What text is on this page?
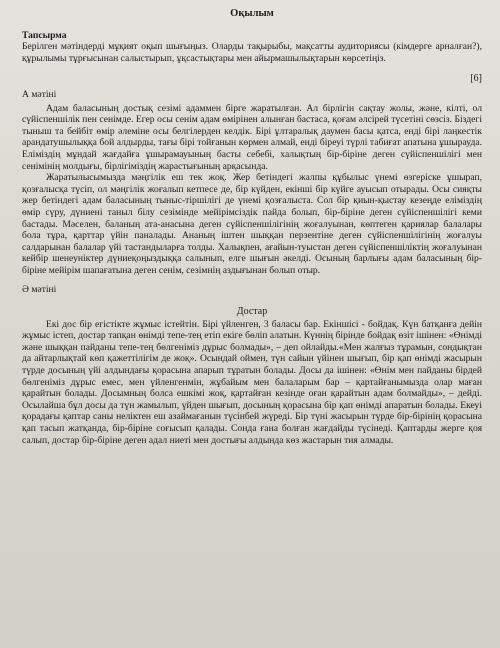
Оқылым
Тапсырма

Берілген мәтіндерді мұқият оқып шығыңыз. Оларды тақырыбы, мақсатты аудиториясы (кімдерге арналған?), құрылымы тұрғысынан салыстырып, ұқсастықтары мен айырмашылықтарын көрсетіңіз.

[6]
А мәтіні

Адам баласының достық сезімі адаммен бірге жаратылған. Ал бірлігін сақтау жолы, және, кілті, ол сүйіспеншілік пен сенімде. Егер осы сенім адам өмірінен алынған бастаса, қоғам әлсірей түсетіні сөзсіз. Біздегі тыныш та бейбіт өмір әлеміне осы белгілерден келдік. Бірі ұлтаралық даумен басы қатса, енді бірі лаңкестік арандатушылыққа бой алдырды, тағы бірі тойғанын көрмен алмай, енді біреуі түрлі табиғат апатына ұшырауда. Еліміздің мұндай жағдайға ұшырамауының басты себебі, халықтың бір-біріне деген сүйіспеншілігі мен сенімінің молдығы, бірлігіміздің жарастығының арқасында.

Жаратылысымызда мәңгілік еш тек жоқ. Жер бетіндегі жалпы құбылыс үнемі өзгеріске ұшырап, қозғалысқа түсіп, ол мәңгілік жоғалып кетпесе де, бір күйден, екінші бір күйге ауысып отырады. Осы сияқты жер бетіндегі адам баласының тыныс-тіршілігі де үнемі қозғалыста. Сол бір қиын-қыстау кезеңде еліміздің өмір сүру, дүниені таныл білу сезімінде мейірімсіздік пайда болып, бір-біріне деген сүйіспеншілігі кеми бастады. Мәселен, баланың ата-анасына деген сүйіспеншілігінің жоғалуынан, көптеген қариялар балалары бола тұра, қарттар үйін паналады. Ананың іштен шыққан перзентіне деген сүйіспеншілігінің жоғалуы салдарынан балалар үйі тастандыларға толды. Халықпен, ағайын-туыстан деген сүйіспеншіліктің жоғалуынан кейбір шенеуніктер дүниеқоңыздыққа салынып, елге шығын әкелді. Осының барлығы адам баласының бір-біріне мейірім шапағатына деген сенім, сезімнің аздығынан болып отыр.

Ә мәтіні
Достар

Екі дос бір егістікте жұмыс істейтін. Бірі үйленген, 3 баласы бар. Екіншісі - бойдақ. Күн батқанға дейін жұмыс істеп, достар тапқан өнімді тепе-тең етіп екіге бөліп алатын. Күннің бірінде бойдақ өзіт ішінен: «Өнімді және шыққан пайданы тепе-тең бөлгеніміз дұрыс болмады», – деп ойлайды.«Мен жалғыз тұрамын, сондықтан да айтарлықтай көп қажеттілігім де жоқ». Осындай оймен, түн сайын үйінен шығып, бір қап өнімді жасырын түрде досының үйі алдындағы қорасына апарып тұратын болады. Досы да ішінен: «Өнім мен пайданы бірдей бөлгеніміз дұрыс емес, мен үйленгенмін, жұбайым мен балаларым бар – қартайғанымызда олар маған қарайтын болады. Досымның болса ешкімі жоқ, қартайған кезінде оған қарайтын адам болмайды», – дейді. Осылайша бұл досы да түн жамылып, үйден шығып, досының қорасына бір қап өнімді апаратын болады. Екеуі қорадағы қаптар саны неліктен еш азаймағанын түсінбей жүреді. Бір түні жасырын түрде бір-бірінің қорасына қап тасып жатқанда, бір-біріне соғысып қалады. Сонда ғана болған жағдайды түсінеді. Қаптарды жерге қоя салып, достар бір-біріне деген адал ниеті мен достығы алдында көз жастарын тия алмады.
